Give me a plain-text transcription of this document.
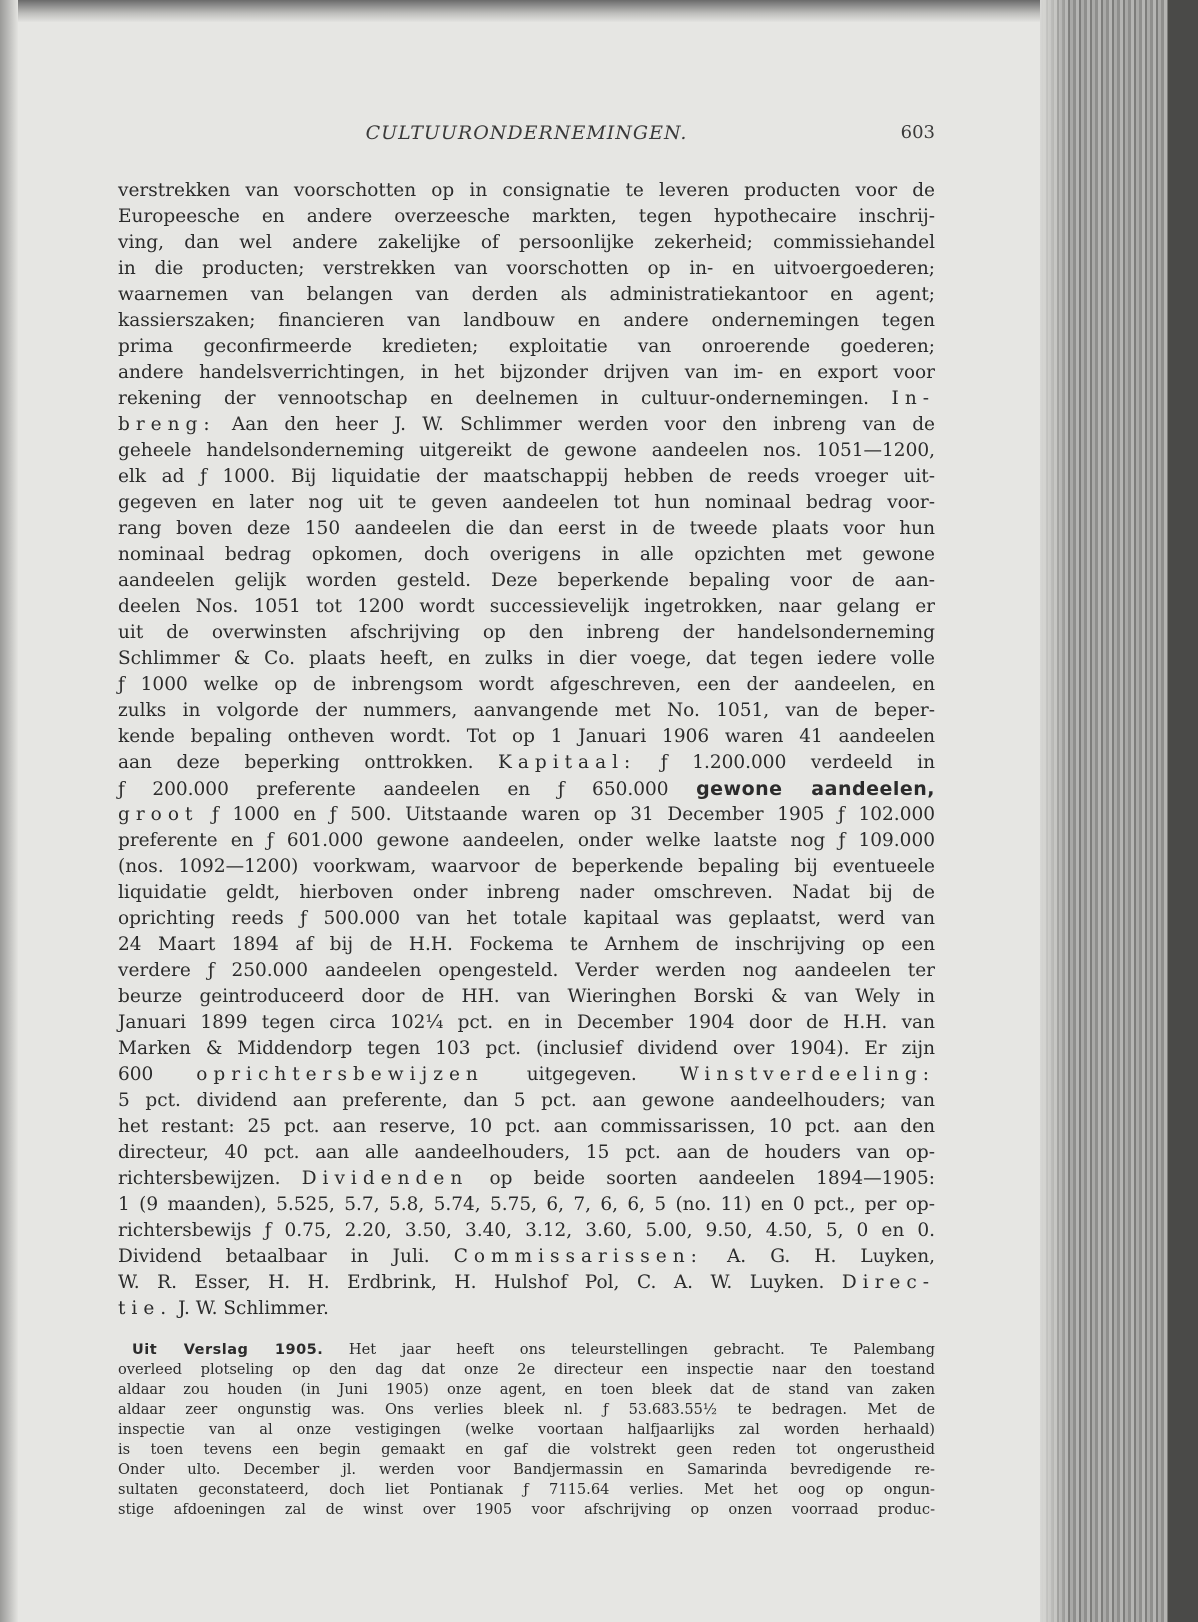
CULTUURONDERNEMINGEN.	603
verstrekken van voorschotten op in consignatie te leveren producten voor de
Europeesche en andere overzeesche markten, tegen hypothecaire inschrij-
ving, dan wel andere zakelijke of persoonlijke zekerheid; commissiehandel
in die producten; verstrekken van voorschotten op in- en uitvoergoederen;
waarnemen van belangen van derden als administratiekantoor en agent;
kassierszaken; financieren van landbouw en andere ondernemingen tegen
prima geconfirmeerde kredieten; exploitatie van onroerende goederen;
andere handelsverrichtingen, in het bijzonder drijven van im- en export voor
rekening der vennootschap en deelnemen in cultuur-ondernemingen. In-
breng: Aan den heer J. W. Schlimmer werden voor den inbreng van de
geheele handelsonderneming uitgereikt de gewone aandeelen nos. 1051—1200,
elk ad ƒ 1000. Bij liquidatie der maatschappij hebben de reeds vroeger uit-
gegeven en later nog uit te geven aandeelen tot hun nominaal bedrag voor-
rang boven deze 150 aandeelen die dan eerst in de tweede plaats voor hun
nominaal bedrag opkomen, doch overigens in alle opzichten met gewone
aandeelen gelijk worden gesteld. Deze beperkende bepaling voor de aan-
deelen Nos. 1051 tot 1200 wordt successievelijk ingetrokken, naar gelang er
uit de overwinsten afschrijving op den inbreng der handelsonderneming
Schlimmer & Co. plaats heeft, en zulks in dier voege, dat tegen iedere volle
ƒ 1000 welke op de inbrengsom wordt afgeschreven, een der aandeelen, en
zulks in volgorde der nummers, aanvangende met No. 1051, van de beper-
kende bepaling ontheven wordt. Tot op 1 Januari 1906 waren 41 aandeelen
aan deze beperking onttrokken. Kapitaal: ƒ 1.200.000 verdeeld in
ƒ 200.000 preferente aandeelen en ƒ 650.000 gewone aandeelen,
groot ƒ 1000 en ƒ 500. Uitstaande waren op 31 December 1905 ƒ 102.000
preferente en ƒ 601.000 gewone aandeelen, onder welke laatste nog ƒ 109.000
(nos. 1092—1200) voorkwam, waarvoor de beperkende bepaling bij eventueele
liquidatie geldt, hierboven onder inbreng nader omschreven. Nadat bij de
oprichting reeds ƒ 500.000 van het totale kapitaal was geplaatst, werd van
24 Maart 1894 af bij de H.H. Fockema te Arnhem de inschrijving op een
verdere ƒ 250.000 aandeelen opengesteld. Verder werden nog aandeelen ter
beurze geintroduceerd door de HH. van Wieringhen Borski & van Wely in
Januari 1899 tegen circa 102¼ pct. en in December 1904 door de H.H. van
Marken & Middendorp tegen 103 pct. (inclusief dividend over 1904). Er zijn
600 oprichtersbewijzen uitgegeven. Winstverdeeling:
5 pct. dividend aan preferente, dan 5 pct. aan gewone aandeelhouders; van
het restant: 25 pct. aan reserve, 10 pct. aan commissarissen, 10 pct. aan den
directeur, 40 pct. aan alle aandeelhouders, 15 pct. aan de houders van op-
richtersbewijzen. Dividenden op beide soorten aandeelen 1894—1905:
1 (9 maanden), 5.525, 5.7, 5.8, 5.74, 5.75, 6, 7, 6, 6, 5 (no. 11) en 0 pct., per op-
richtersbewijs ƒ 0.75, 2.20, 3.50, 3.40, 3.12, 3.60, 5.00, 9.50, 4.50, 5, 0 en 0.
Dividend betaalbaar in Juli. Commissarissen: A. G. H. Luyken,
W. R. Esser, H. H. Erdbrink, H. Hulshof Pol, C. A. W. Luyken. Direc-
tie. J. W. Schlimmer.
Uit Verslag 1905. Het jaar heeft ons teleurstellingen gebracht. Te Palembang
overleed plotseling op den dag dat onze 2e directeur een inspectie naar den toestand
aldaar zou houden (in Juni 1905) onze agent, en toen bleek dat de stand van zaken
aldaar zeer ongunstig was. Ons verlies bleek nl. ƒ 53.683.55½ te bedragen. Met de
inspectie van al onze vestigingen (welke voortaan halfjaarlijks zal worden herhaald)
is toen tevens een begin gemaakt en gaf die volstrekt geen reden tot ongerustheid
Onder ulto. December jl. werden voor Bandjermassin en Samarinda bevredigende re-
sultaten geconstateerd, doch liet Pontianak ƒ 7115.64 verlies. Met het oog op ongun-
stige afdoeningen zal de winst over 1905 voor afschrijving op onzen voorraad produc-
